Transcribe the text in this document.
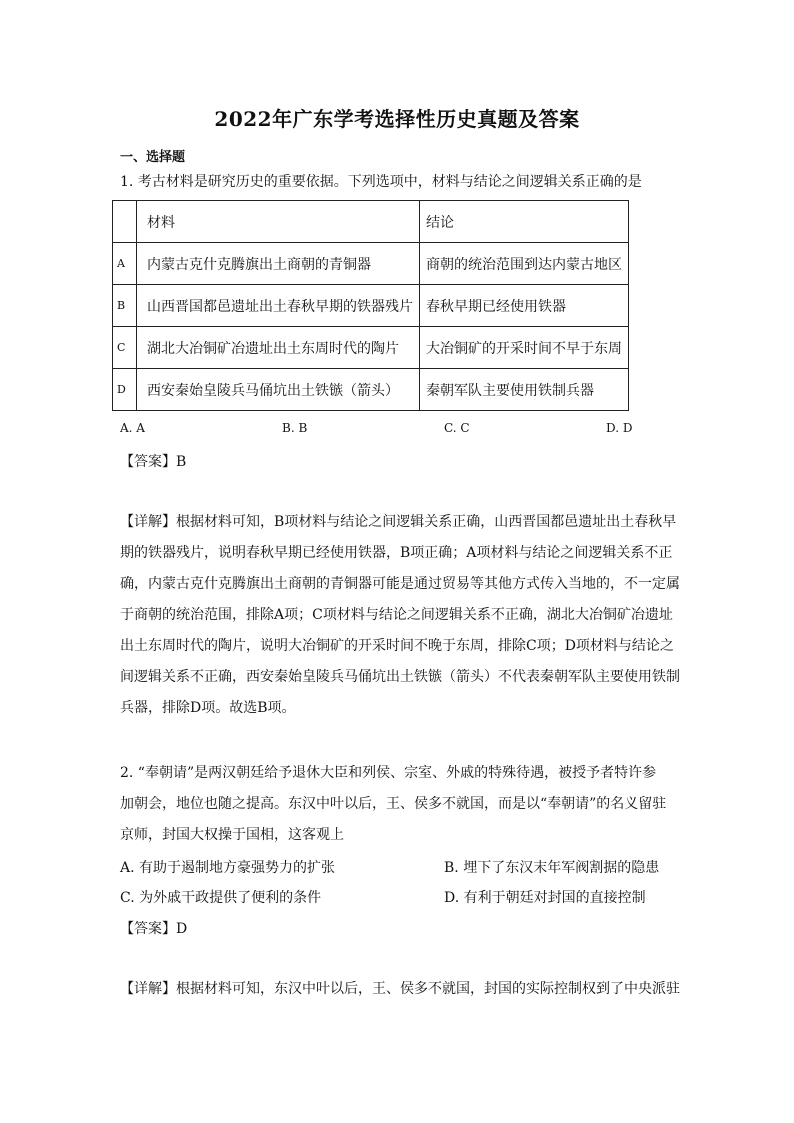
2022年广东学考选择性历史真题及答案
一、选择题
1. 考古材料是研究历史的重要依据。下列选项中，材料与结论之间逻辑关系正确的是
	材料	结论
A	内蒙古克什克腾旗出土商朝的青铜器	商朝的统治范围到达内蒙古地区
B	山西晋国都邑遗址出土春秋早期的铁器残片	春秋早期已经使用铁器
C	湖北大冶铜矿冶遗址出土东周时代的陶片	大冶铜矿的开采时间不早于东周
D	西安秦始皇陵兵马俑坑出土铁镞（箭头）	秦朝军队主要使用铁制兵器
A. A	B. B	C. C	D. D
【答案】B
【详解】根据材料可知，B项材料与结论之间逻辑关系正确，山西晋国都邑遗址出土春秋早
期的铁器残片，说明春秋早期已经使用铁器，B项正确；A项材料与结论之间逻辑关系不正
确，内蒙古克什克腾旗出土商朝的青铜器可能是通过贸易等其他方式传入当地的，不一定属
于商朝的统治范围，排除A项；C项材料与结论之间逻辑关系不正确，湖北大冶铜矿冶遗址
出土东周时代的陶片，说明大冶铜矿的开采时间不晚于东周，排除C项；D项材料与结论之
间逻辑关系不正确，西安秦始皇陵兵马俑坑出土铁镞（箭头）不代表秦朝军队主要使用铁制
兵器，排除D项。故选B项。
2. “奉朝请”是两汉朝廷给予退休大臣和列侯、宗室、外戚的特殊待遇，被授予者特许参
加朝会，地位也随之提高。东汉中叶以后，王、侯多不就国，而是以“奉朝请”的名义留驻
京师，封国大权操于国相，这客观上
A. 有助于遏制地方豪强势力的扩张	B. 埋下了东汉末年军阀割据的隐患
C. 为外戚干政提供了便利的条件	D. 有利于朝廷对封国的直接控制
【答案】D
【详解】根据材料可知，东汉中叶以后，王、侯多不就国，封国的实际控制权到了中央派驻
